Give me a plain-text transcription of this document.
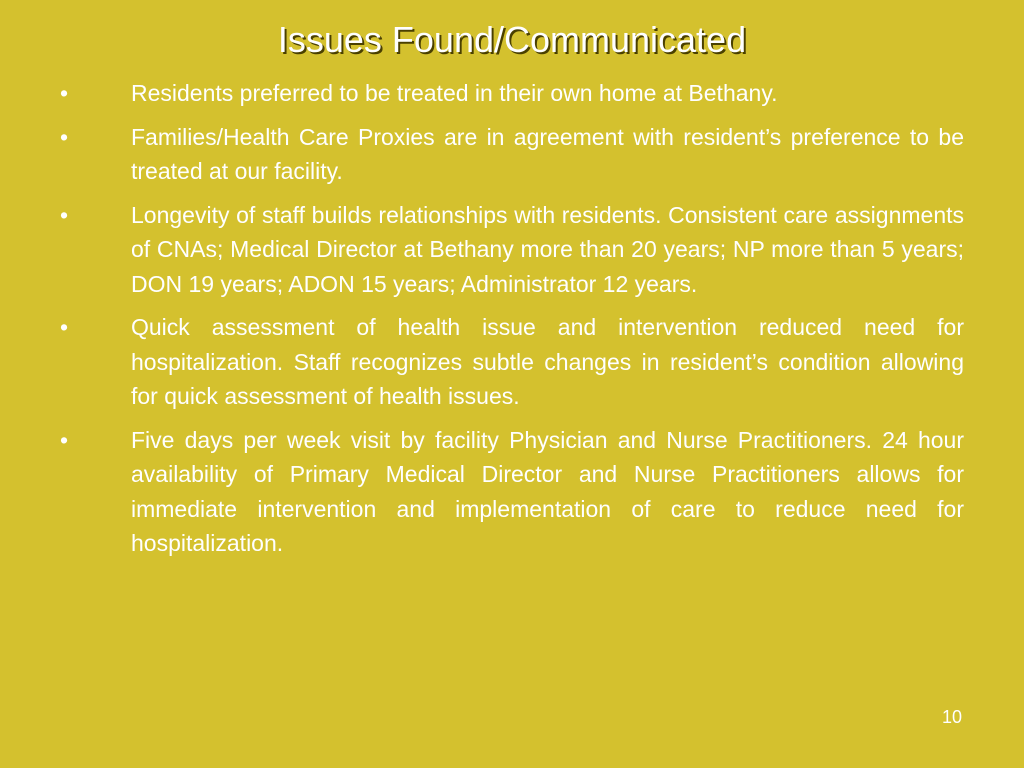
Issues Found/Communicated
•	Residents preferred to be treated in their own home at Bethany.
•	Families/Health Care Proxies are in agreement with resident’s preference to be treated at our facility.
•	Longevity of staff builds relationships with residents. Consistent care assignments of CNAs; Medical Director at Bethany more than 20 years; NP more than 5 years; DON 19 years; ADON 15 years; Administrator 12 years.
•	Quick assessment of health issue and intervention reduced need for hospitalization. Staff recognizes subtle changes in resident’s condition allowing for quick assessment of health issues.
•	Five days per week visit by facility Physician and Nurse Practitioners. 24 hour availability of Primary Medical Director and Nurse Practitioners allows for immediate intervention and implementation of care to reduce need for hospitalization.
10
